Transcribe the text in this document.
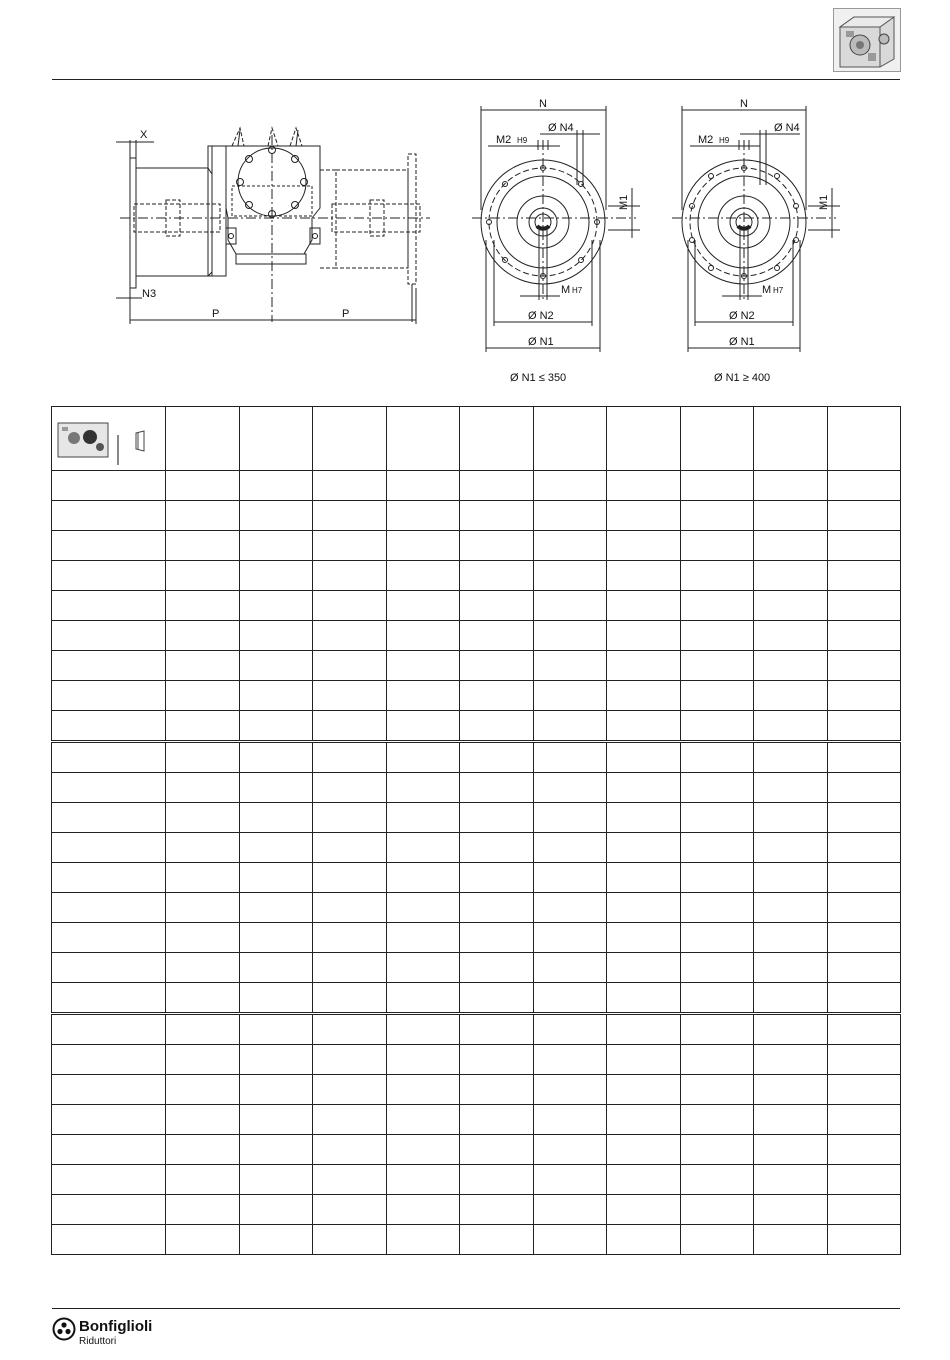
X
N3
P	P
N
Ø N4
M2 H9
M1
M H7
Ø N2
Ø N1
N
Ø N4
M2 H9
M1
M H7
Ø N2
Ø N1
Ø N1 ≤ 350	Ø N1 ≥ 400

Bonfiglioli
Riduttori
